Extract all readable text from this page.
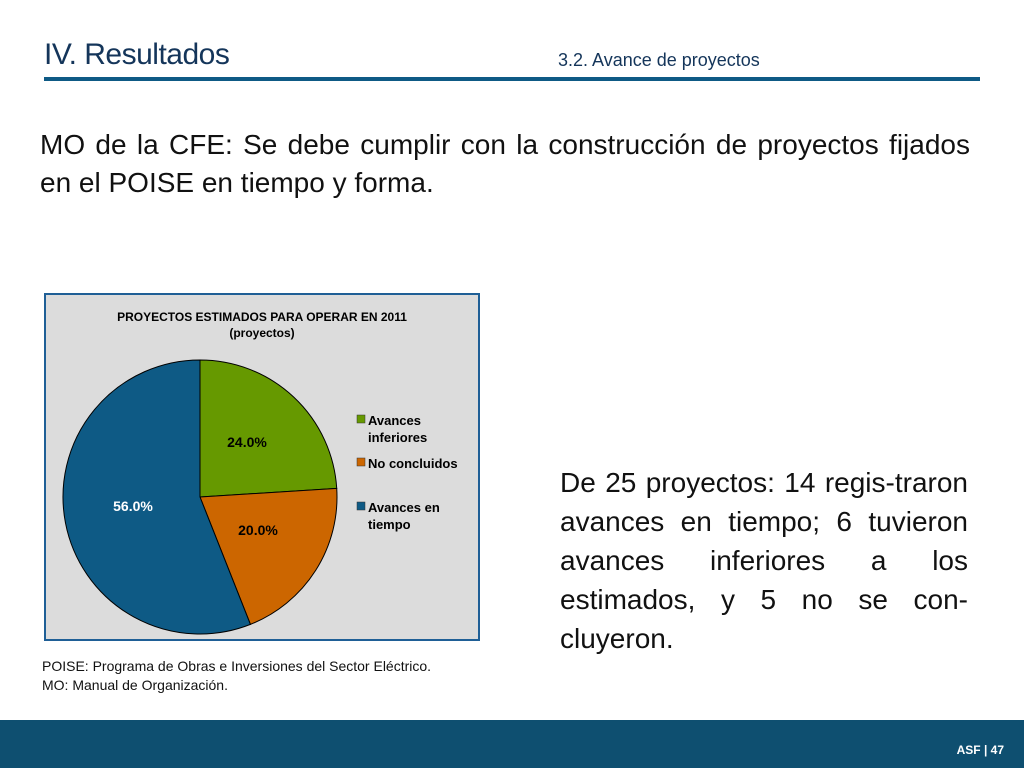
IV. Resultados	3.2. Avance de proyectos
MO de la CFE: Se debe cumplir con la construcción de proyectos fijados en el POISE en tiempo y forma.
PROYECTOS ESTIMADOS PARA OPERAR EN 2011
(proyectos)
24.0%
20.0%
56.0%
Avances inferiores
No concluidos
Avances en tiempo
De 25 proyectos: 14 regis-traron avances en tiempo; 6 tuvieron avances inferiores a los estimados, y 5 no se con-cluyeron.
POISE: Programa de Obras e Inversiones del Sector Eléctrico.
MO: Manual de Organización.
ASF | 47
